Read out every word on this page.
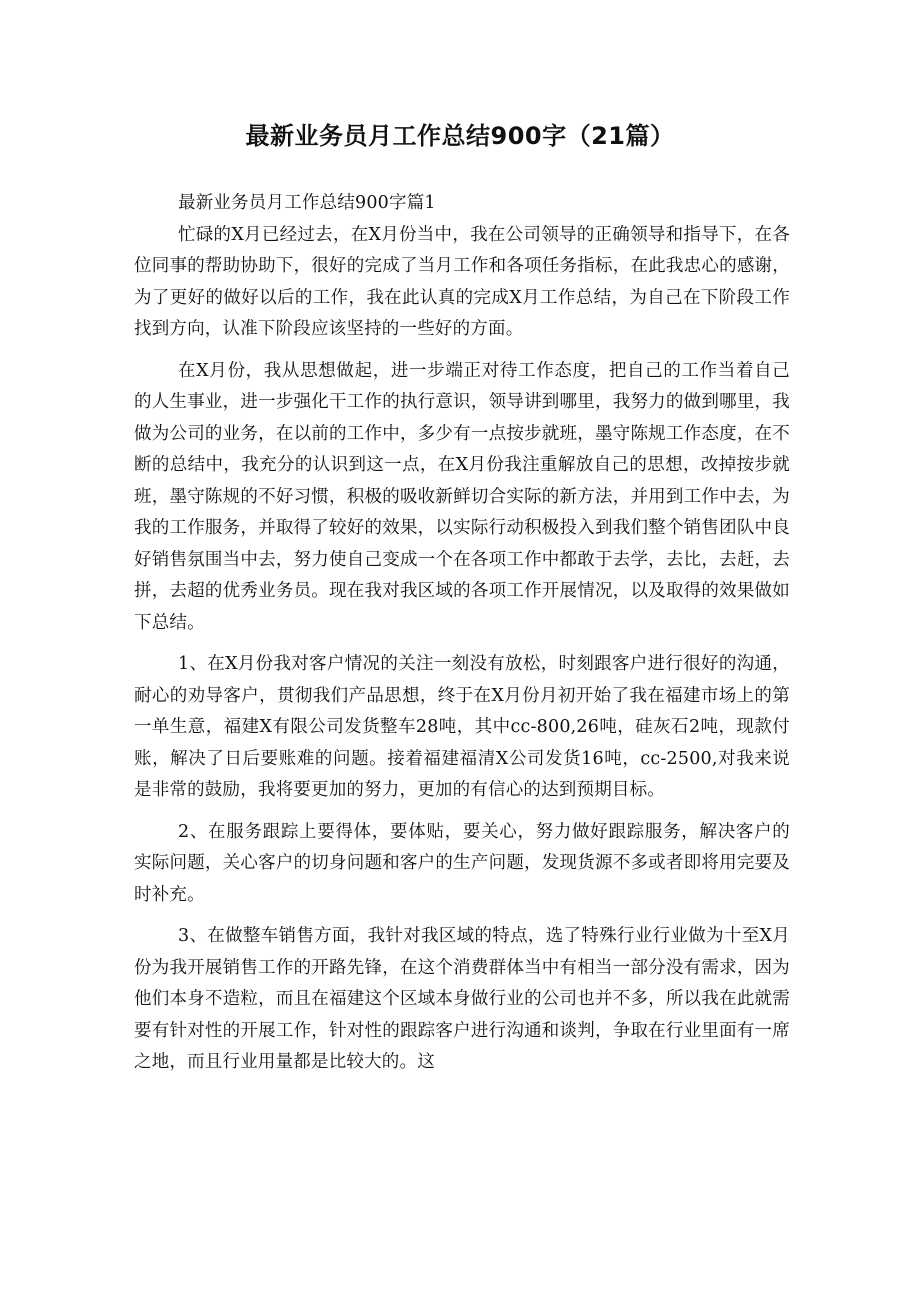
最新业务员月工作总结900字（21篇）

最新业务员月工作总结900字篇1

忙碌的X月已经过去，在X月份当中，我在公司领导的正确领导和指导下，在各位同事的帮助协助下，很好的完成了当月工作和各项任务指标，在此我忠心的感谢，为了更好的做好以后的工作，我在此认真的完成X月工作总结，为自己在下阶段工作找到方向，认准下阶段应该坚持的一些好的方面。

在X月份，我从思想做起，进一步端正对待工作态度，把自己的工作当着自己的人生事业，进一步强化干工作的执行意识，领导讲到哪里，我努力的做到哪里，我做为公司的业务，在以前的工作中，多少有一点按步就班，墨守陈规工作态度，在不断的总结中，我充分的认识到这一点，在X月份我注重解放自己的思想，改掉按步就班，墨守陈规的不好习惯，积极的吸收新鲜切合实际的新方法，并用到工作中去，为我的工作服务，并取得了较好的效果，以实际行动积极投入到我们整个销售团队中良好销售氛围当中去，努力使自己变成一个在各项工作中都敢于去学，去比，去赶，去拼，去超的优秀业务员。现在我对我区域的各项工作开展情况，以及取得的效果做如下总结。

1、在X月份我对客户情况的关注一刻没有放松，时刻跟客户进行很好的沟通，耐心的劝导客户，贯彻我们产品思想，终于在X月份月初开始了我在福建市场上的第一单生意，福建X有限公司发货整车28吨，其中cc-800,26吨，硅灰石2吨，现款付账，解决了日后要账难的问题。接着福建福清X公司发货16吨，cc-2500,对我来说是非常的鼓励，我将要更加的努力，更加的有信心的达到预期目标。

2、在服务跟踪上要得体，要体贴，要关心，努力做好跟踪服务，解决客户的实际问题，关心客户的切身问题和客户的生产问题，发现货源不多或者即将用完要及时补充。

3、在做整车销售方面，我针对我区域的特点，选了特殊行业行业做为十至X月份为我开展销售工作的开路先锋，在这个消费群体当中有相当一部分没有需求，因为他们本身不造粒，而且在福建这个区域本身做行业的公司也并不多，所以我在此就需要有针对性的开展工作，针对性的跟踪客户进行沟通和谈判，争取在行业里面有一席之地，而且行业用量都是比较大的。这
